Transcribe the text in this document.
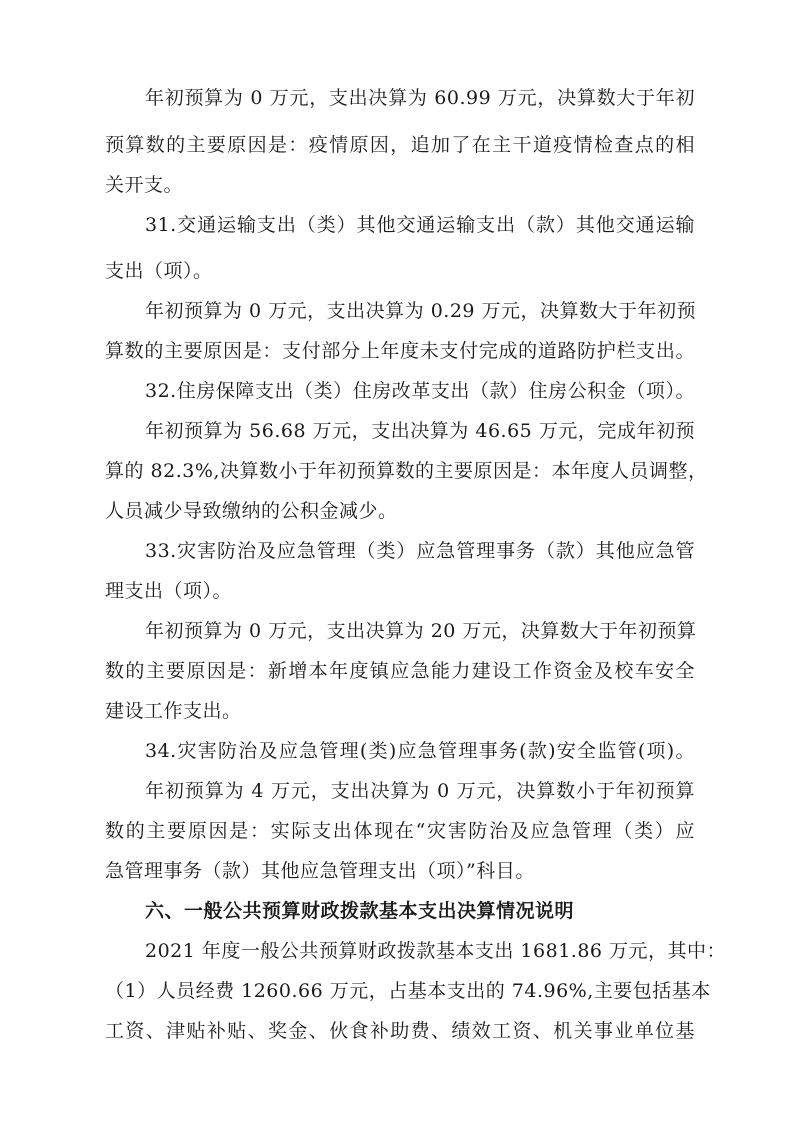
年初预算为 0 万元，支出决算为 60.99 万元，决算数大于年初
预算数的主要原因是：疫情原因，追加了在主干道疫情检查点的相
关开支。
31.交通运输支出（类）其他交通运输支出（款）其他交通运输
支出（项）。
年初预算为 0 万元，支出决算为 0.29 万元，决算数大于年初预
算数的主要原因是：支付部分上年度未支付完成的道路防护栏支出。
32.住房保障支出（类）住房改革支出（款）住房公积金（项）。
年初预算为 56.68 万元，支出决算为 46.65 万元，完成年初预
算的 82.3%,决算数小于年初预算数的主要原因是：本年度人员调整，
人员减少导致缴纳的公积金减少。
33.灾害防治及应急管理（类）应急管理事务（款）其他应急管
理支出（项）。
年初预算为 0 万元，支出决算为 20 万元，决算数大于年初预算
数的主要原因是：新增本年度镇应急能力建设工作资金及校车安全
建设工作支出。
34.灾害防治及应急管理(类)应急管理事务(款)安全监管(项)。
年初预算为 4 万元，支出决算为 0 万元，决算数小于年初预算
数的主要原因是：实际支出体现在“灾害防治及应急管理（类）应
急管理事务（款）其他应急管理支出（项）”科目。
六、一般公共预算财政拨款基本支出决算情况说明
2021 年度一般公共预算财政拨款基本支出 1681.86 万元，其中：
（1）人员经费 1260.66 万元，占基本支出的 74.96%,主要包括基本
工资、津贴补贴、奖金、伙食补助费、绩效工资、机关事业单位基
